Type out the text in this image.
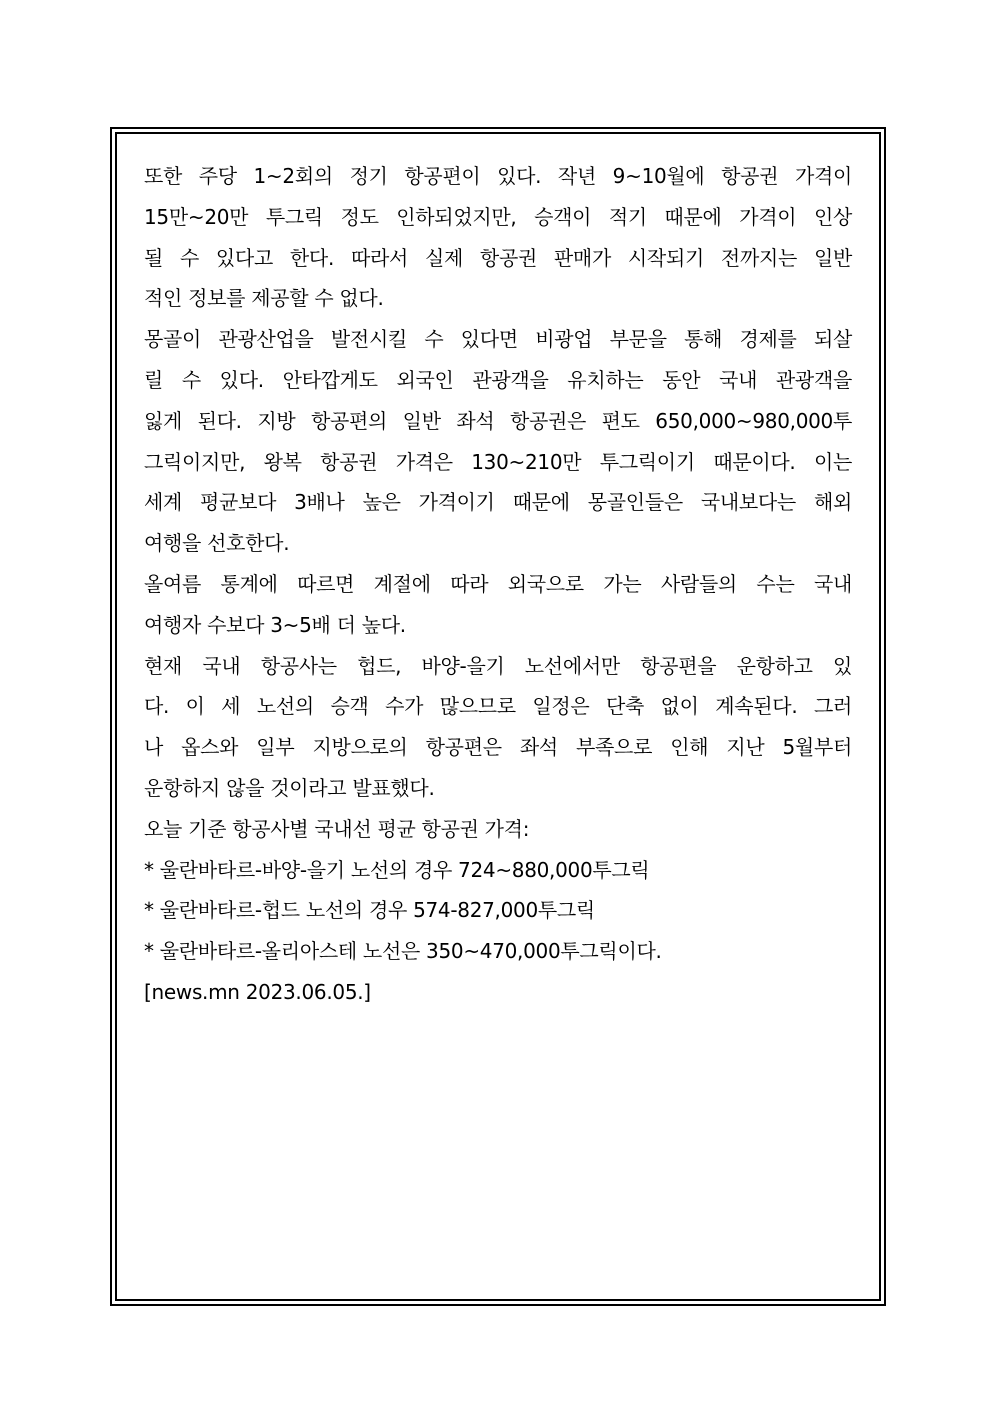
또한 주당 1~2회의 정기 항공편이 있다. 작년 9~10월에 항공권 가격이
15만~20만 투그릭 정도 인하되었지만, 승객이 적기 때문에 가격이 인상
될 수 있다고 한다. 따라서 실제 항공권 판매가 시작되기 전까지는 일반
적인 정보를 제공할 수 없다.
몽골이 관광산업을 발전시킬 수 있다면 비광업 부문을 통해 경제를 되살
릴 수 있다. 안타깝게도 외국인 관광객을 유치하는 동안 국내 관광객을
잃게 된다. 지방 항공편의 일반 좌석 항공권은 편도 650,000~980,000투
그릭이지만, 왕복 항공권 가격은 130~210만 투그릭이기 때문이다. 이는
세계 평균보다 3배나 높은 가격이기 때문에 몽골인들은 국내보다는 해외
여행을 선호한다.
올여름 통계에 따르면 계절에 따라 외국으로 가는 사람들의 수는 국내
여행자 수보다 3~5배 더 높다.
현재 국내 항공사는 헙드, 바양-을기 노선에서만 항공편을 운항하고 있
다. 이 세 노선의 승객 수가 많으므로 일정은 단축 없이 계속된다. 그러
나 옵스와 일부 지방으로의 항공편은 좌석 부족으로 인해 지난 5월부터
운항하지 않을 것이라고 발표했다.
오늘 기준 항공사별 국내선 평균 항공권 가격:
* 울란바타르-바양-을기 노선의 경우 724~880,000투그릭
* 울란바타르-헙드 노선의 경우 574-827,000투그릭
* 울란바타르-올리아스테 노선은 350~470,000투그릭이다.
[news.mn 2023.06.05.]
